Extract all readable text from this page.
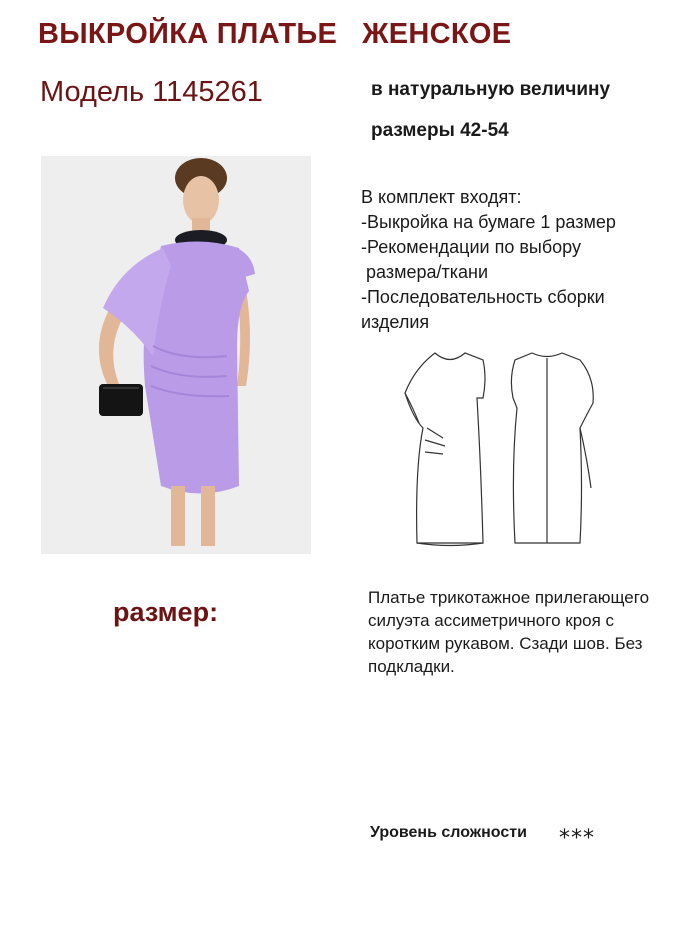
ВЫКРОЙКА ПЛАТЬЕ   ЖЕНСКОЕ
Модель 1145261	в натуральную величину
размеры 42-54
В комплект входят:
-Выкройка на бумаге 1 размер
-Рекомендации по выбору
размера/ткани
-Последовательность сборки
изделия
размер:	Платье трикотажное прилегающего силуэта ассиметричного кроя с коротким рукавом. Сзади шов. Без подкладки.
Уровень сложности ***
